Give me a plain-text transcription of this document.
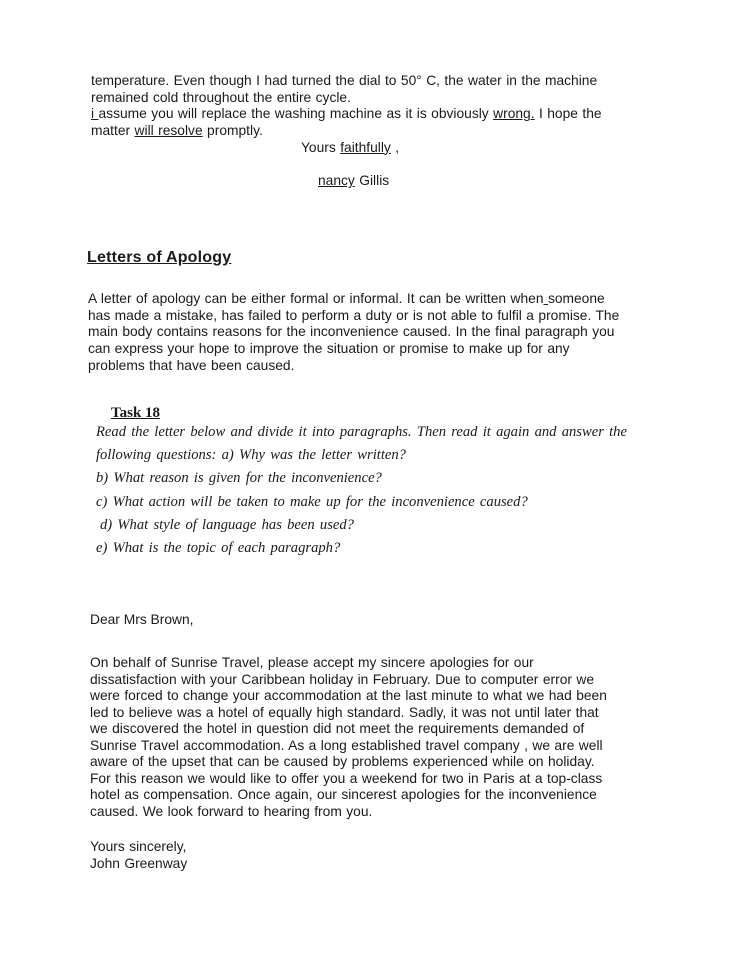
temperature. Even though I had turned the dial to 50° C, the water in the machine
remained cold throughout the entire cycle.
i assume you will replace the washing machine as it is obviously wrong. I hope the
matter will resolve promptly.
Yours faithfully ,

nancy Gillis
Letters of Apology
A letter of apology can be either formal or informal. It can be written when someone
has made a mistake, has failed to perform a duty or is not able to fulfil a promise. The
main body contains reasons for the inconvenience caused. In the final paragraph you
can express your hope to improve the situation or promise to make up for any
problems that have been caused.
Task 18
Read the letter below and divide it into paragraphs. Then read it again and answer the
following questions: a) Why was the letter written?
b) What reason is given for the inconvenience?
c) What action will be taken to make up for the inconvenience caused?
d) What style of language has been used?
e) What is the topic of each paragraph?
Dear Mrs Brown,
On behalf of Sunrise Travel, please accept my sincere apologies for our
dissatisfaction with your Caribbean holiday in February. Due to computer error we
were forced to change your accommodation at the last minute to what we had been
led to believe was a hotel of equally high standard. Sadly, it was not until later that
we discovered the hotel in question did not meet the requirements demanded of
Sunrise Travel accommodation. As a long established travel company , we are well
aware of the upset that can be caused by problems experienced while on holiday.
For this reason we would like to offer you a weekend for two in Paris at a top-class
hotel as compensation. Once again, our sincerest apologies for the inconvenience
caused. We look forward to hearing from you.
Yours sincerely,
John Greenway
